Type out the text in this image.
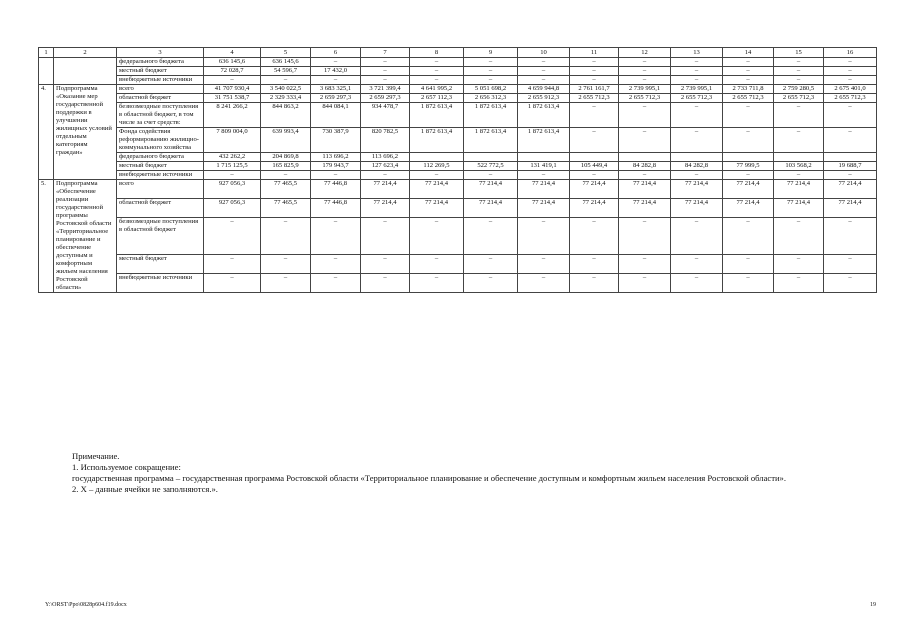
1	2	3	4	5	6	7	8	9	10	11	12	13	14	15	16
		федерального бюджета	636 145,6	636 145,6	–	–	–	–	–	–	–	–	–	–	–
		местный бюджет	72 028,7	54 596,7	17 432,0	–	–	–	–	–	–	–	–	–	–
		внебюджетные источники	–	–	–	–	–	–	–	–	–	–	–	–	–
4.	Подпрограмма «Оказание мер государственной поддержки в улучшении жилищных условий отдельным категориям граждан»	всего	41 707 930,4	3 540 022,5	3 683 325,1	3 721 399,4	4 641 995,2	5 051 698,2	4 659 944,8	2 761 161,7	2 739 995,1	2 739 995,1	2 733 711,8	2 759 280,5	2 675 401,0
		областной бюджет	31 751 538,7	2 329 333,4	2 659 297,3	2 659 297,3	2 657 112,3	2 656 312,3	2 655 912,3	2 655 712,3	2 655 712,3	2 655 712,3	2 655 712,3	2 655 712,3	2 655 712,3
		безвозмездные поступления в областной бюджет, в том числе за счет средств:	8 241 266,2	844 863,2	844 084,1	934 478,7	1 872 613,4	1 872 613,4	1 872 613,4	–	–	–	–	–	–
		Фонда содействия реформированию жилищно-коммунального хозяйства	7 809 004,0	639 993,4	730 387,9	820 782,5	1 872 613,4	1 872 613,4	1 872 613,4	–	–	–	–	–	–
		федерального бюджета	432 262,2	204 869,8	113 696,2	113 696,2									
		местный бюджет	1 715 125,5	165 825,9	179 943,7	127 623,4	112 269,5	522 772,5	131 419,1	105 449,4	84 282,8	84 282,8	77 999,5	103 568,2	19 688,7
		внебюджетные источники	–	–	–	–	–	–	–	–	–	–	–	–	–
5.	Подпрограмма «Обеспечение реализации государственной программы Ростовской области «Территориальное планирование и обеспечение доступным и комфортным жильем населения Ростовской области»	всего	927 056,3	77 465,5	77 446,8	77 214,4	77 214,4	77 214,4	77 214,4	77 214,4	77 214,4	77 214,4	77 214,4	77 214,4	77 214,4
		областной бюджет	927 056,3	77 465,5	77 446,8	77 214,4	77 214,4	77 214,4	77 214,4	77 214,4	77 214,4	77 214,4	77 214,4	77 214,4	77 214,4
		безвозмездные поступления в областной бюджет	–	–	–	–	–	–	–	–	–	–	–	–	–
		местный бюджет	–	–	–	–	–	–	–	–	–	–	–	–	–
		внебюджетные источники	–	–	–	–	–	–	–	–	–	–	–	–	–

Примечание.

1. Используемое сокращение:

государственная программа – государственная программа Ростовской области «Территориальное планирование и обеспечение доступным и комфортным жильем населения Ростовской области».

2. Х – данные ячейки не заполняются.».

Y:\ORST\Ppo\0828p604.f19.docx	19
